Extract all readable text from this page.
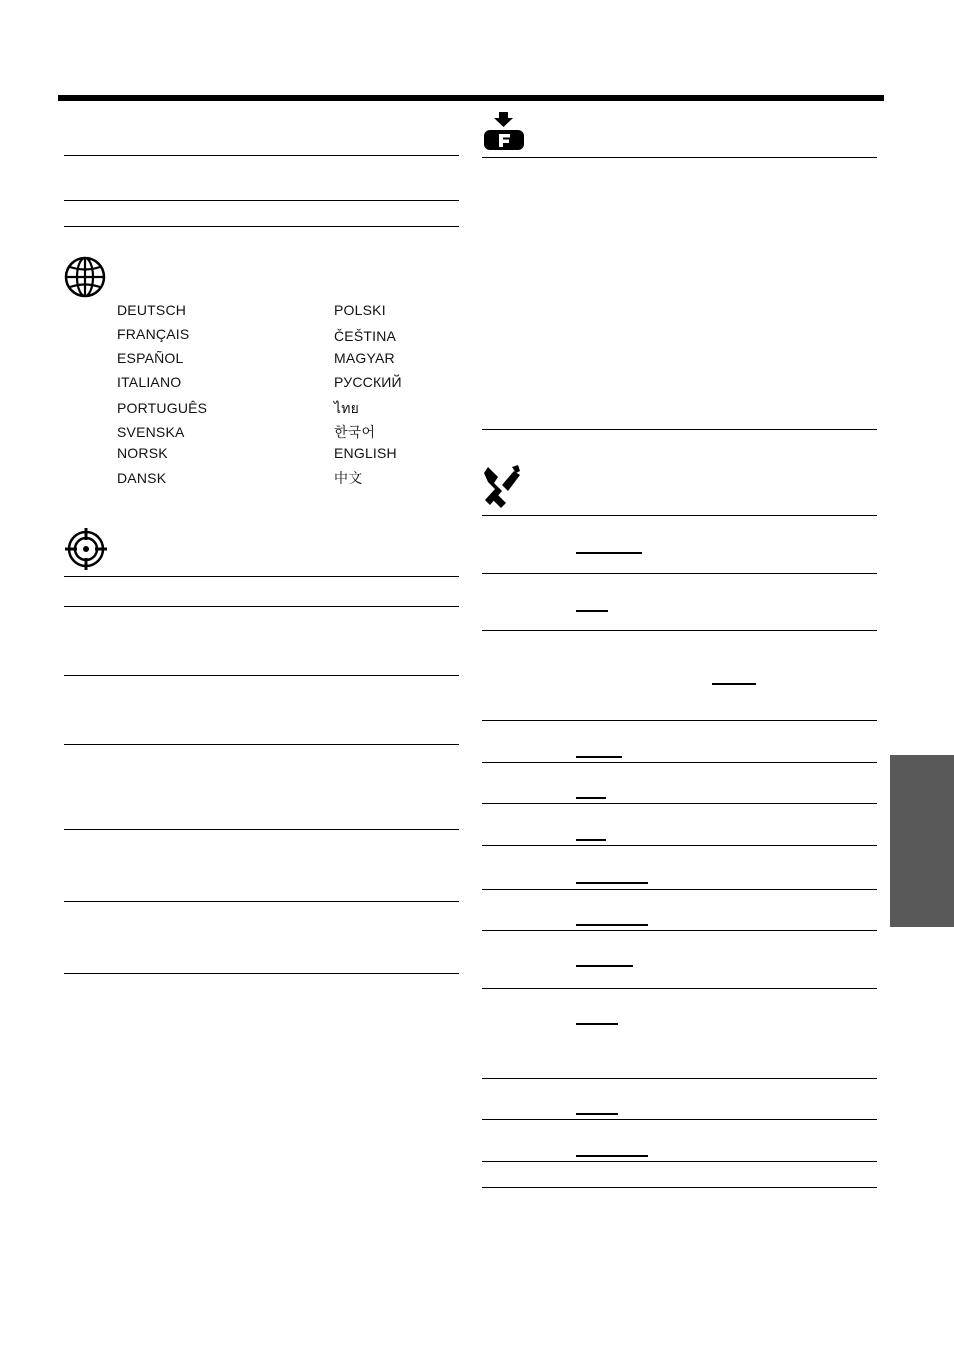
DEUTSCH
FRANÇAIS
ESPAÑOL
ITALIANO
PORTUGUÊS
SVENSKA
NORSK
DANSK
POLSKI
ČEŠTINA
MAGYAR
РУССКИЙ
ไทย
한국어
ENGLISH
中文
